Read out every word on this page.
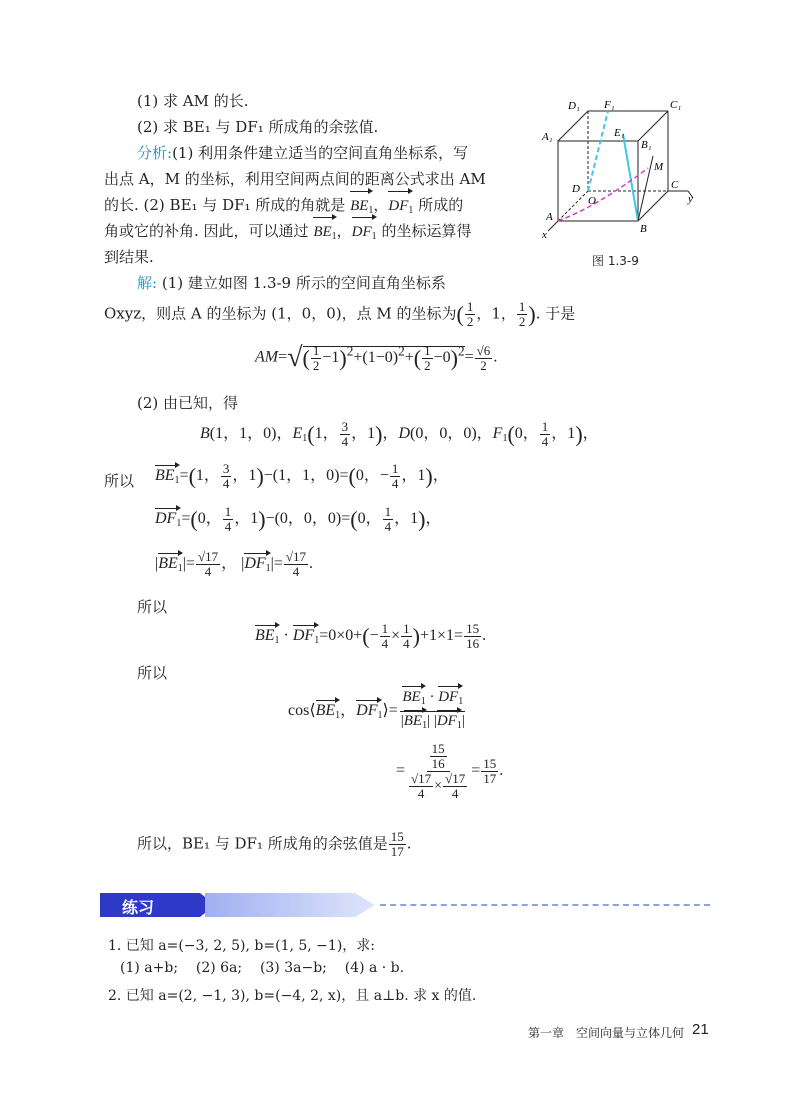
(1) 求 AM 的长.
(2) 求 BE₁ 与 DF₁ 所成角的余弦值.
分析:(1) 利用条件建立适当的空间直角坐标系，写
出点 A，M 的坐标，利用空间两点间的距离公式求出 AM
的长. (2) BE₁ 与 DF₁ 所成的角就是 $BE_1$，$DF_1$ 所成的
角或它的补角. 因此，可以通过 $BE_1$，$DF_1$ 的坐标运算得
到结果.
D₁ F₁	C₁
A₁	E₁
B₁
M
D
O
C
y
A
B
x
图 1.3-9
解: (1) 建立如图 1.3-9 所示的空间直角坐标系
Oxyz，则点 A 的坐标为 (1，0，0)，点 M 的坐标为( $\frac{1}{2}$ ，1， $\frac{1}{2}$ ). 于是
$AM=√( \frac{1}{2} -1)^2+(1-0)^2+( \frac{1}{2} -0)^2= \frac{√6}{2}$ .
(2) 由已知，得
B(1，1，0)，$E_1(1$， $\frac{3}{4}$ ，1)，D(0，0，0)，$F_1(0$， $\frac{1}{4}$ ，1)，
所以 $BE_1=(1$， $\frac{3}{4}$ ，1)−(1，1，0)=(0，− $\frac{1}{4}$ ，1)，
$DF_1=(0$， $\frac{1}{4}$ ，1)−(0，0，0)=(0， $\frac{1}{4}$ ，1)，
$|BE_1|= \frac{√17}{4}$ ， $|DF_1|= \frac{√17}{4}$ .
所以
$BE_1 \cdot DF_1=0\times 0+(- \frac{1}{4} \times \frac{1}{4} )+1\times 1= \frac{15}{16}$ .
所以
$\cos⟨BE_1$，$DF_1⟩= \frac{BE_1 \cdot DF_1}{|BE_1| |DF_1|}$
= $\frac{\frac{15}{16}}{\frac{√17}{4} \times \frac{√17}{4}} = \frac{15}{17}$ .
所以，BE₁ 与 DF₁ 所成角的余弦值是 $\frac{15}{17}$ .
练习
1. 已知 a=(−3, 2, 5), b=(1, 5, −1)，求:
(1) a+b; (2) 6a; (3) 3a−b; (4) a · b.
2. 已知 a=(2, −1, 3), b=(−4, 2, x)，且 a⊥b. 求 x 的值.
第一章　空间向量与立体几何 21
